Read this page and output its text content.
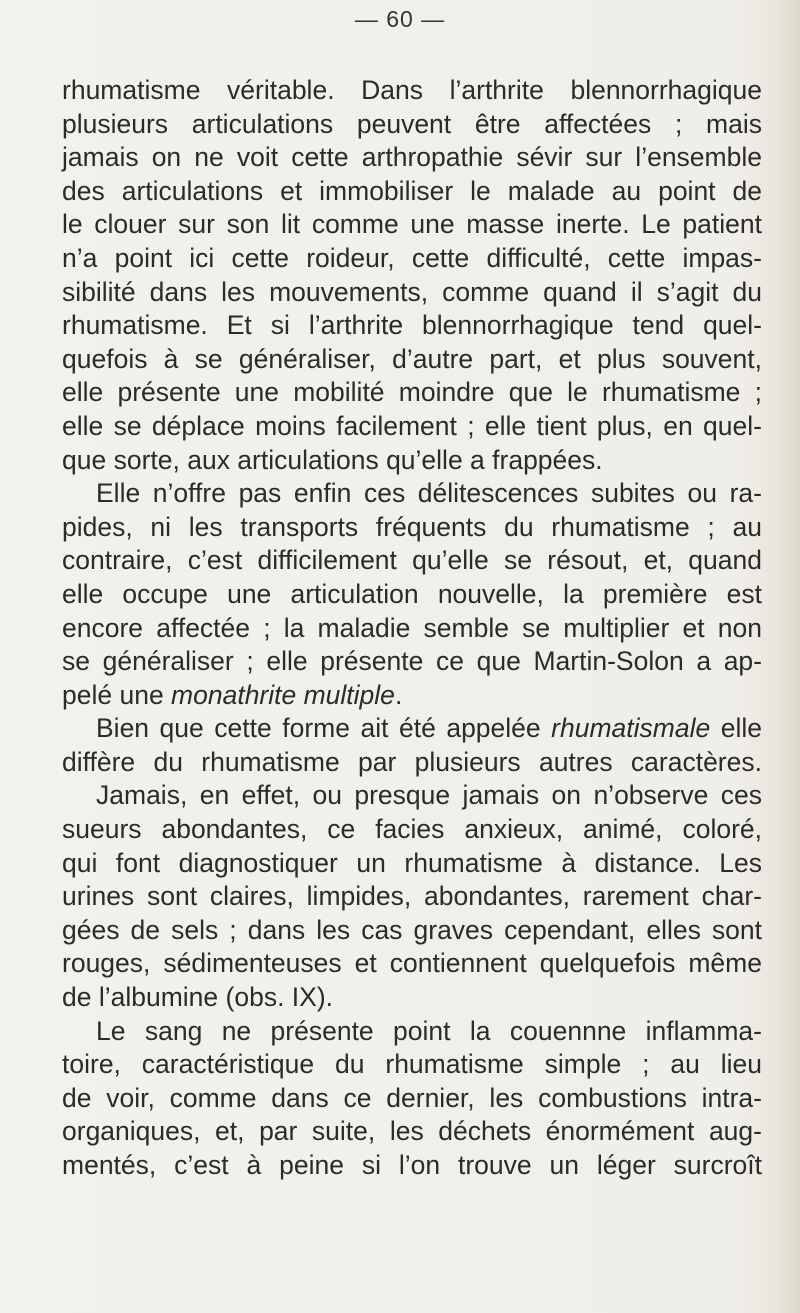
— 60 —
rhumatisme véritable. Dans l’arthrite blennorrhagique
plusieurs articulations peuvent être affectées ; mais
jamais on ne voit cette arthropathie sévir sur l’ensemble
des articulations et immobiliser le malade au point de
le clouer sur son lit comme une masse inerte. Le patient
n’a point ici cette roideur, cette difficulté, cette impas-
sibilité dans les mouvements, comme quand il s’agit du
rhumatisme. Et si l’arthrite blennorrhagique tend quel-
quefois à se généraliser, d’autre part, et plus souvent,
elle présente une mobilité moindre que le rhumatisme ;
elle se déplace moins facilement ; elle tient plus, en quel-
que sorte, aux articulations qu’elle a frappées.
Elle n’offre pas enfin ces délitescences subites ou ra-
pides, ni les transports fréquents du rhumatisme ; au
contraire, c’est difficilement qu’elle se résout, et, quand
elle occupe une articulation nouvelle, la première est
encore affectée ; la maladie semble se multiplier et non
se généraliser ; elle présente ce que Martin-Solon a ap-
pelé une monathrite multiple.
Bien que cette forme ait été appelée rhumatismale elle
diffère du rhumatisme par plusieurs autres caractères.
Jamais, en effet, ou presque jamais on n’observe ces
sueurs abondantes, ce facies anxieux, animé, coloré,
qui font diagnostiquer un rhumatisme à distance. Les
urines sont claires, limpides, abondantes, rarement char-
gées de sels ; dans les cas graves cependant, elles sont
rouges, sédimenteuses et contiennent quelquefois même
de l’albumine (obs. IX).
Le sang ne présente point la couennne inflamma-
toire, caractéristique du rhumatisme simple ; au lieu
de voir, comme dans ce dernier, les combustions intra-
organiques, et, par suite, les déchets énormément aug-
mentés, c’est à peine si l’on trouve un léger surcroît
